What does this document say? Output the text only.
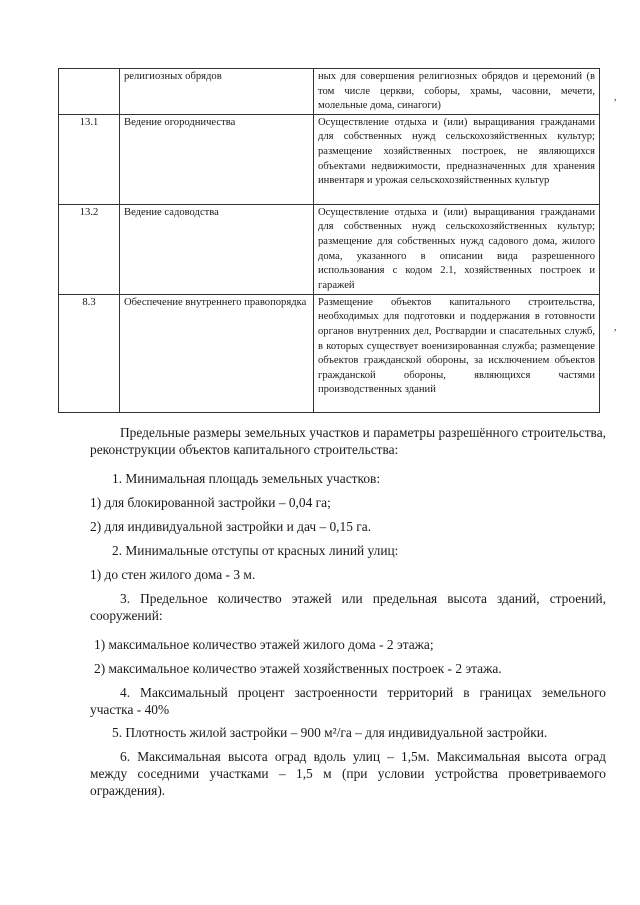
	религиозных обрядов	ных для совершения религиозных обрядов и церемоний (в том числе церкви, соборы, храмы, часовни, мечети, молельные дома, синагоги)
13.1	Ведение огородничества	Осуществление отдыха и (или) выращивания гражданами для собственных нужд сельскохозяйственных культур; размещение хозяйственных построек, не являющихся объектами недвижимости, предназначенных для хранения инвентаря и урожая сельскохозяйственных культур
13.2	Ведение садоводства	Осуществление отдыха и (или) выращивания гражданами для собственных нужд сельскохозяйственных культур; размещение для собственных нужд садового дома, жилого дома, указанного в описании вида разрешенного использования с кодом 2.1, хозяйственных построек и гаражей
8.3	Обеспечение внутреннего правопорядка	Размещение объектов капитального строительства, необходимых для подготовки и поддержания в готовности органов внутренних дел, Росгвардии и спасательных служб, в которых существует военизированная служба; размещение объектов гражданской обороны, за исключением объектов гражданской обороны, являющихся частями производственных зданий
,
,

Предельные размеры земельных участков и параметры разрешённого строительства, реконструкции объектов капитального строительства:

1. Минимальная площадь земельных участков:

1) для блокированной застройки – 0,04 га;

2) для индивидуальной застройки и дач – 0,15 га.

2. Минимальные отступы от красных линий улиц:

1) до стен жилого дома - 3 м.

3. Предельное количество этажей или предельная высота зданий, строений, сооружений:

1) максимальное количество этажей жилого дома - 2 этажа;

2) максимальное количество этажей хозяйственных построек - 2 этажа.

4. Максимальный процент застроенности территорий в границах земельного участка - 40%

5. Плотность жилой застройки – 900 м²/га – для индивидуальной застройки.

6. Максимальная высота оград вдоль улиц – 1,5м. Максимальная высота оград между соседними участками – 1,5 м (при условии устройства проветриваемого ограждения).
